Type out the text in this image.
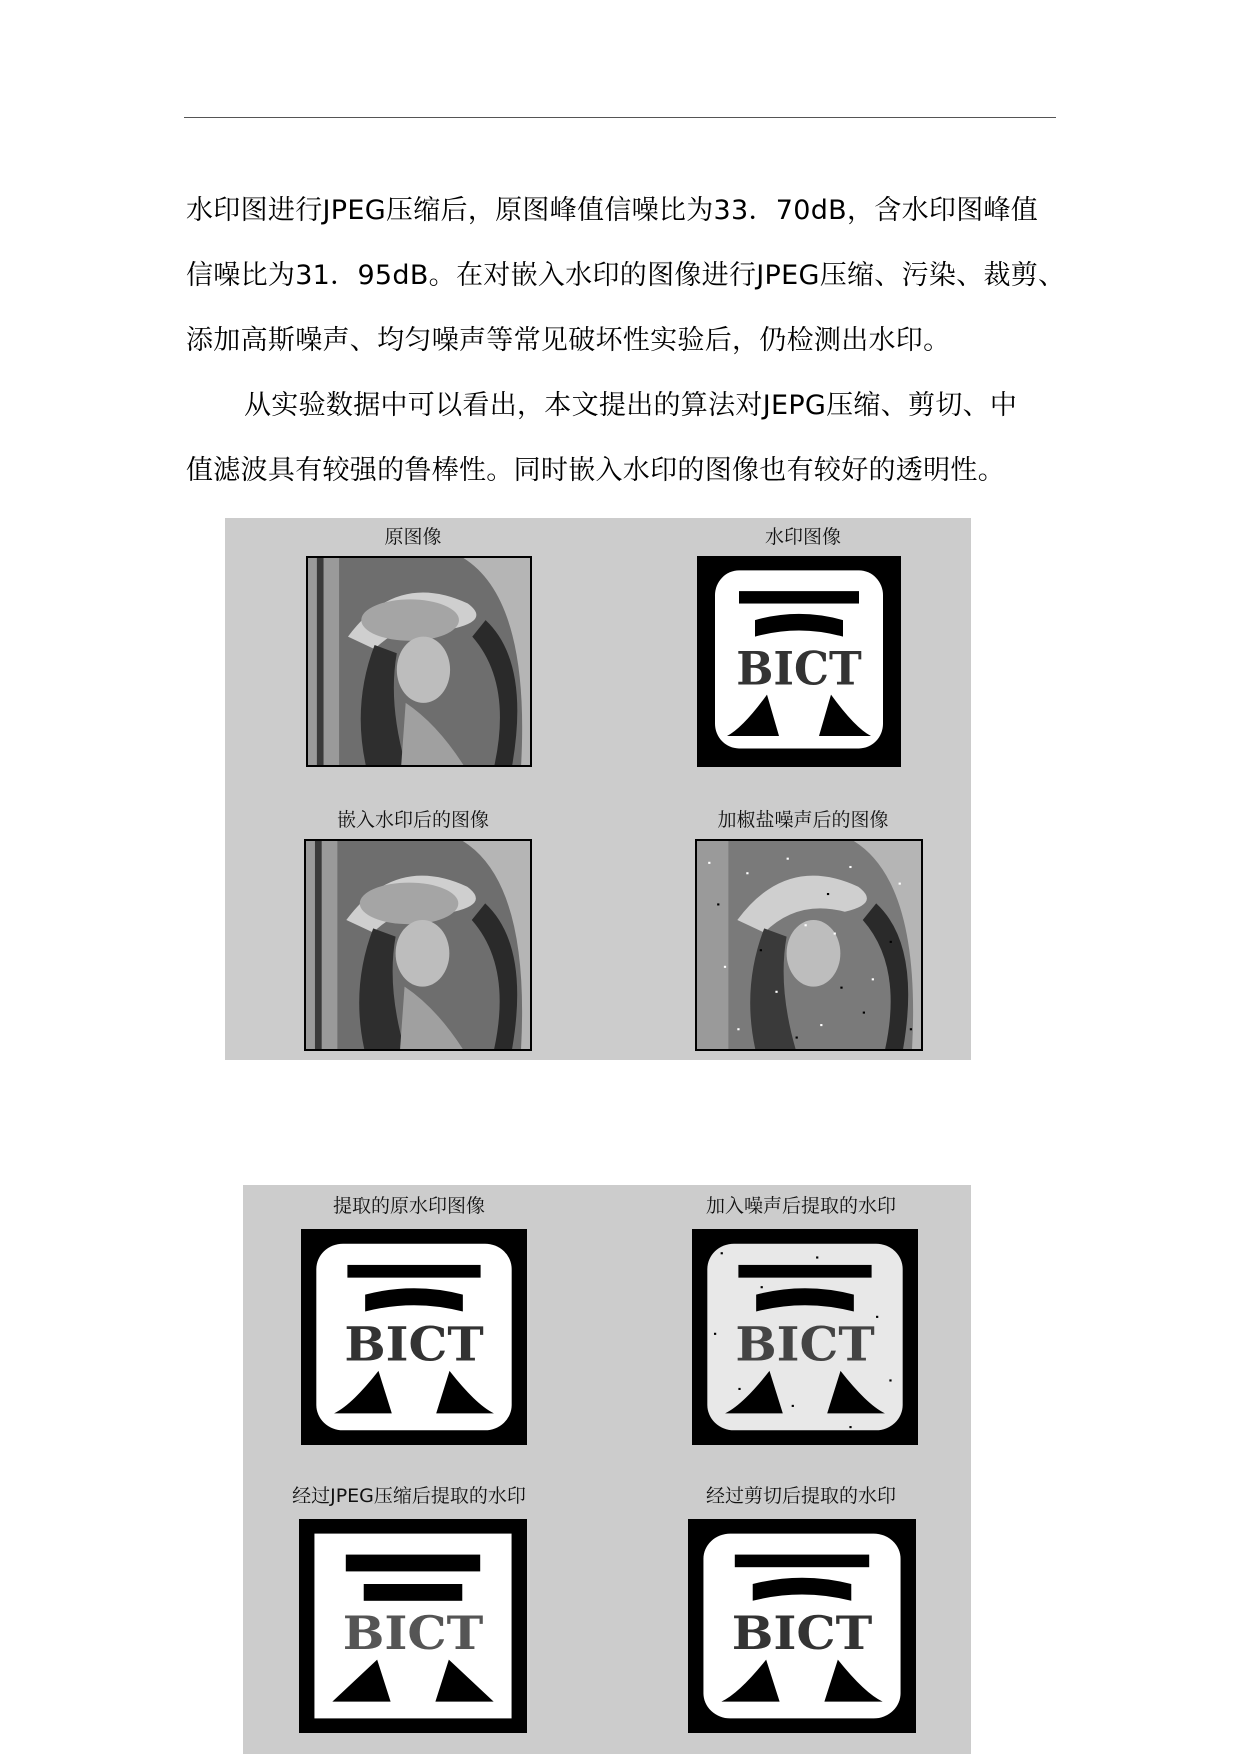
水印图进行JPEG压缩后，原图峰值信噪比为33．70dB，含水印图峰值
信噪比为31．95dB。在对嵌入水印的图像进行JPEG压缩、污染、裁剪、
添加高斯噪声、均匀噪声等常见破坏性实验后，仍检测出水印。
从实验数据中可以看出，本文提出的算法对JEPG压缩、剪切、中
值滤波具有较强的鲁棒性。同时嵌入水印的图像也有较好的透明性。
原图像	水印图像
BICT
嵌入水印后的图像	加椒盐噪声后的图像
提取的原水印图像	加入噪声后提取的水印
BICT	BICT
经过JPEG压缩后提取的水印	经过剪切后提取的水印
BICT	BICT
